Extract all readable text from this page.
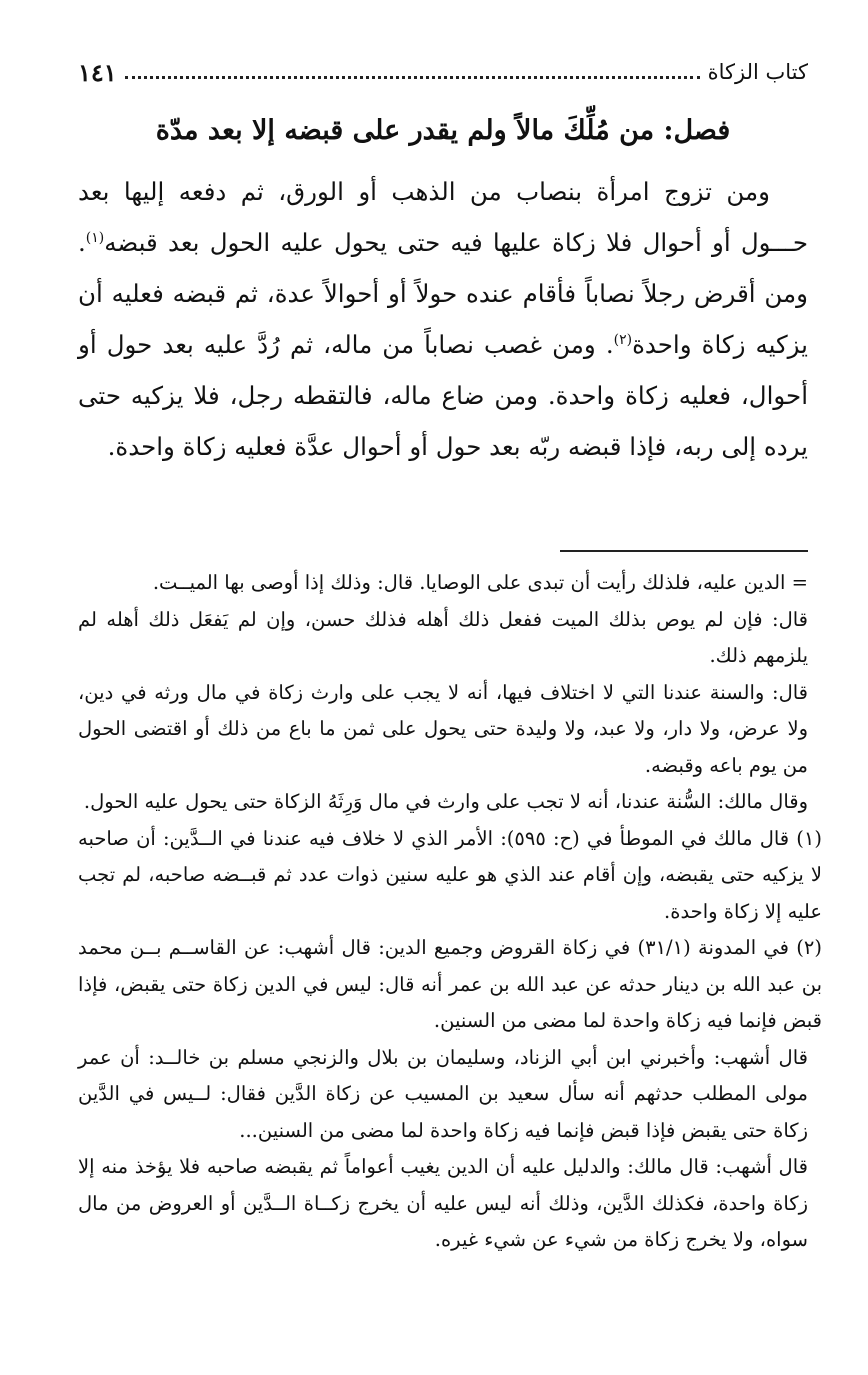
كتاب الزكاة
١٤١
فصل: من مُلِّكَ مالاً ولم يقدر على قبضه إلا بعد مدّة
ومن تزوج امرأة بنصاب من الذهب أو الورق، ثم دفعه إليها بعد حـــول أو أحوال فلا زكاة عليها فيه حتى يحول عليه الحول بعد قبضه$^{(١)}$. ومن أقرض رجلاً نصاباً فأقام عنده حولاً أو أحوالاً عدة، ثم قبضه فعليه أن يزكيه زكاة واحدة$^{(٢)}$. ومن غصب نصاباً من ماله، ثم رُدَّ عليه بعد حول أو أحوال، فعليه زكاة واحدة. ومن ضاع ماله، فالتقطه رجل، فلا يزكيه حتى يرده إلى ربه، فإذا قبضه ربّه بعد حول أو أحوال عدَّة فعليه زكاة واحدة.

= الدين عليه، فلذلك رأيت أن تبدى على الوصايا. قال: وذلك إذا أوصى بها الميــت.

قال: فإن لم يوص بذلك الميت ففعل ذلك أهله فذلك حسن، وإن لم يَفعَل ذلك أهله لم يلزمهم ذلك.

قال: والسنة عندنا التي لا اختلاف فيها، أنه لا يجب على وارث زكاة في مال ورثه في دين، ولا عرض، ولا دار، ولا عبد، ولا وليدة حتى يحول على ثمن ما باع من ذلك أو اقتضى الحول من يوم باعه وقبضه.

وقال مالك: السُّنة عندنا، أنه لا تجب على وارث في مال وَرِثَهُ الزكاة حتى يحول عليه الحول.

(١) قال مالك في الموطأ في (ح: ٥٩٥): الأمر الذي لا خلاف فيه عندنا في الــدَّين: أن صاحبه لا يزكيه حتى يقبضه، وإن أقام عند الذي هو عليه سنين ذوات عدد ثم قبــضه صاحبه، لم تجب عليه إلا زكاة واحدة.

(٢) في المدونة (٣١/١) في زكاة القروض وجميع الدين: قال أشهب: عن القاســم بــن محمد بن عبد الله بن دينار حدثه عن عبد الله بن عمر أنه قال: ليس في الدين زكاة حتى يقبض، فإذا قبض فإنما فيه زكاة واحدة لما مضى من السنين.

قال أشهب: وأخبرني ابن أبي الزناد، وسليمان بن بلال والزنجي مسلم بن خالــد: أن عمر مولى المطلب حدثهم أنه سأل سعيد بن المسيب عن زكاة الدَّين فقال: لــيس في الدَّين زكاة حتى يقبض فإذا قبض فإنما فيه زكاة واحدة لما مضى من السنين...

قال أشهب: قال مالك: والدليل عليه أن الدين يغيب أعواماً ثم يقبضه صاحبه فلا يؤخذ منه إلا زكاة واحدة، فكذلك الدَّين، وذلك أنه ليس عليه أن يخرج زكــاة الــدَّين أو العروض من مال سواه، ولا يخرج زكاة من شيء عن شيء غيره.
